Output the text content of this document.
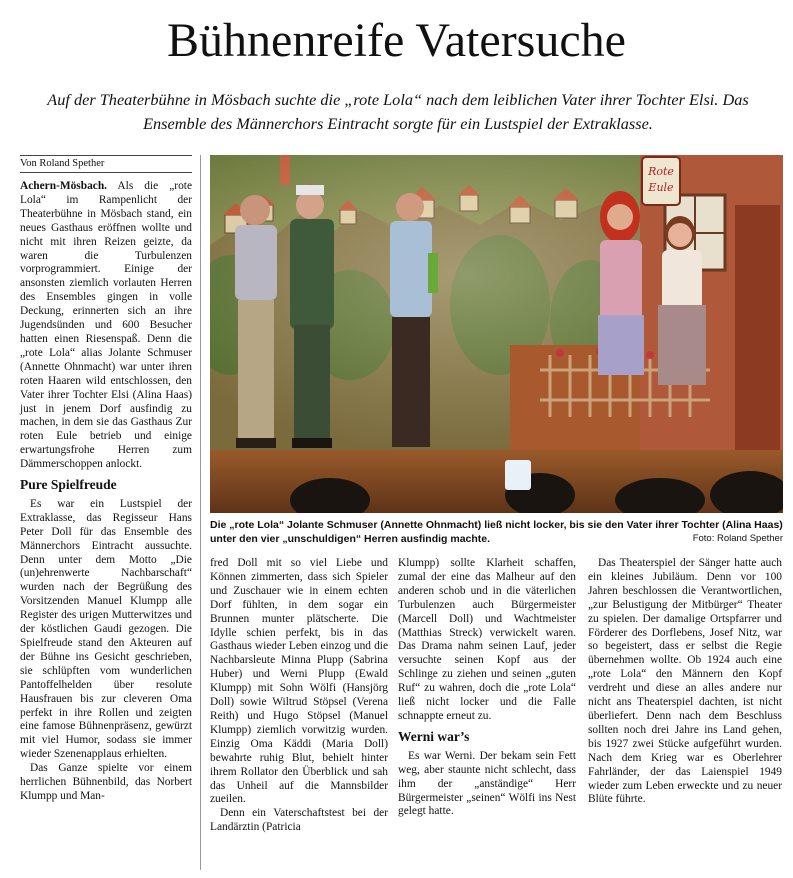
Bühnenreife Vatersuche
Auf der Theaterbühne in Mösbach suchte die „rote Lola“ nach dem leiblichen Vater ihrer Tochter Elsi. Das Ensemble des Männerchors Eintracht sorgte für ein Lustspiel der Extraklasse.
Von Roland Spether

Achern-Mösbach. Als die „rote Lola“ im Rampenlicht der Theaterbühne in Mösbach stand, ein neues Gasthaus eröffnen wollte und nicht mit ihren Reizen geizte, da waren die Turbulenzen vorprogrammiert. Einige der ansonsten ziemlich vorlauten Herren des Ensembles gingen in volle Deckung, erinnerten sich an ihre Jugendsünden und 600 Besucher hatten einen Riesenspaß. Denn die „rote Lola“ alias Jolante Schmuser (Annette Ohnmacht) war unter ihren roten Haaren wild entschlossen, den Vater ihrer Tochter Elsi (Alina Haas) just in jenem Dorf ausfindig zu machen, in dem sie das Gasthaus Zur roten Eule betrieb und einige erwartungsfrohe Herren zum Dämmerschoppen anlockt.

Pure Spielfreude

Es war ein Lustspiel der Extraklasse, das Regisseur Hans Peter Doll für das Ensemble des Männerchors Eintracht aussuchte. Denn unter dem Motto „Die (un)ehrenwerte Nachbarschaft“ wurden nach der Begrüßung des Vorsitzenden Manuel Klumpp alle Register des urigen Mutterwitzes und der köstlichen Gaudi gezogen. Die Spielfreude stand den Akteuren auf der Bühne ins Gesicht geschrieben, sie schlüpften vom wunderlichen Pantoffelhelden über resolute Hausfrauen bis zur cleveren Oma perfekt in ihre Rollen und zeigten eine famose Bühnenpräsenz, gewürzt mit viel Humor, sodass sie immer wieder Szenenapplaus erhielten.

Das Ganze spielte vor einem herrlichen Bühnenbild, das Norbert Klumpp und Man-

Rote
Eule
Die „rote Lola“ Jolante Schmuser (Annette Ohnmacht) ließ nicht locker, bis sie den Vater ihrer Tochter (Alina Haas) unter den vier „unschuldigen“ Herren ausfindig machte.	Foto: Roland Spether

fred Doll mit so viel Liebe und Können zimmerten, dass sich Spieler und Zuschauer wie in einem echten Dorf fühlten, in dem sogar ein Brunnen munter plätscherte. Die Idylle schien perfekt, bis in das Gasthaus wieder Leben einzog und die Nachbarsleute Minna Plupp (Sabrina Huber) und Werni Plupp (Ewald Klumpp) mit Sohn Wölfi (Hansjörg Doll) sowie Wiltrud Stöpsel (Verena Reith) und Hugo Stöpsel (Manuel Klumpp) ziemlich vorwitzig wurden. Einzig Oma Käddi (Maria Doll) bewahrte ruhig Blut, behielt hinter ihrem Rollator den Überblick und sah das Unheil auf die Mannsbilder zueilen.

Denn ein Vaterschaftstest bei der Landärztin (Patricia

Klumpp) sollte Klarheit schaffen, zumal der eine das Malheur auf den anderen schob und in die väterlichen Turbulenzen auch Bürgermeister (Marcell Doll) und Wachtmeister (Matthias Streck) verwickelt waren. Das Drama nahm seinen Lauf, jeder versuchte seinen Kopf aus der Schlinge zu ziehen und seinen „guten Ruf“ zu wahren, doch die „rote Lola“ ließ nicht locker und die Falle schnappte erneut zu.

Werni war’s

Es war Werni. Der bekam sein Fett weg, aber staunte nicht schlecht, dass ihm der „anständige“ Herr Bürgermeister „seinen“ Wölfi ins Nest gelegt hatte.

Das Theaterspiel der Sänger hatte auch ein kleines Jubiläum. Denn vor 100 Jahren beschlossen die Verantwortlichen, „zur Belustigung der Mitbürger“ Theater zu spielen. Der damalige Ortspfarrer und Förderer des Dorflebens, Josef Nitz, war so begeistert, dass er selbst die Regie übernehmen wollte. Ob 1924 auch eine „rote Lola“ den Männern den Kopf verdreht und diese an alles andere nur nicht ans Theaterspiel dachten, ist nicht überliefert. Denn nach dem Beschluss sollten noch drei Jahre ins Land gehen, bis 1927 zwei Stücke aufgeführt wurden. Nach dem Krieg war es Oberlehrer Fahrländer, der das Laienspiel 1949 wieder zum Leben erweckte und zu neuer Blüte führte.
